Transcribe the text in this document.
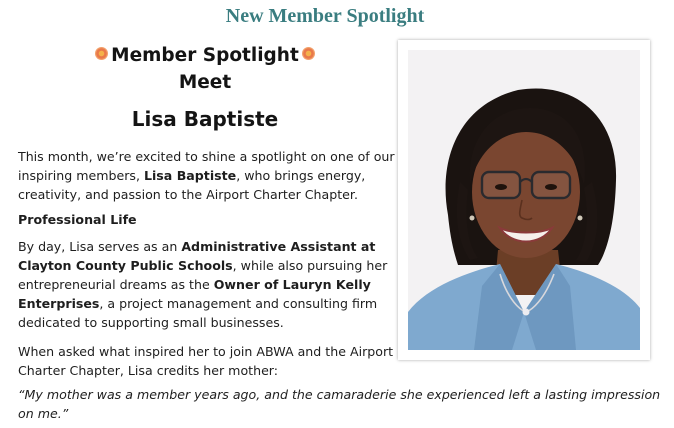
New Member Spotlight
Member Spotlight
Meet
Lisa Baptiste

This month, we’re excited to shine a spotlight on one of our inspiring members, Lisa Baptiste, who brings energy, creativity, and passion to the Airport Charter Chapter.

Professional Life

By day, Lisa serves as an Administrative Assistant at Clayton County Public Schools, while also pursuing her entrepreneurial dreams as the Owner of Lauryn Kelly Enterprises, a project management and consulting firm dedicated to supporting small businesses.

When asked what inspired her to join ABWA and the Airport Charter Chapter, Lisa credits her mother:

“My mother was a member years ago, and the camaraderie she experienced left a lasting impression on me.”
